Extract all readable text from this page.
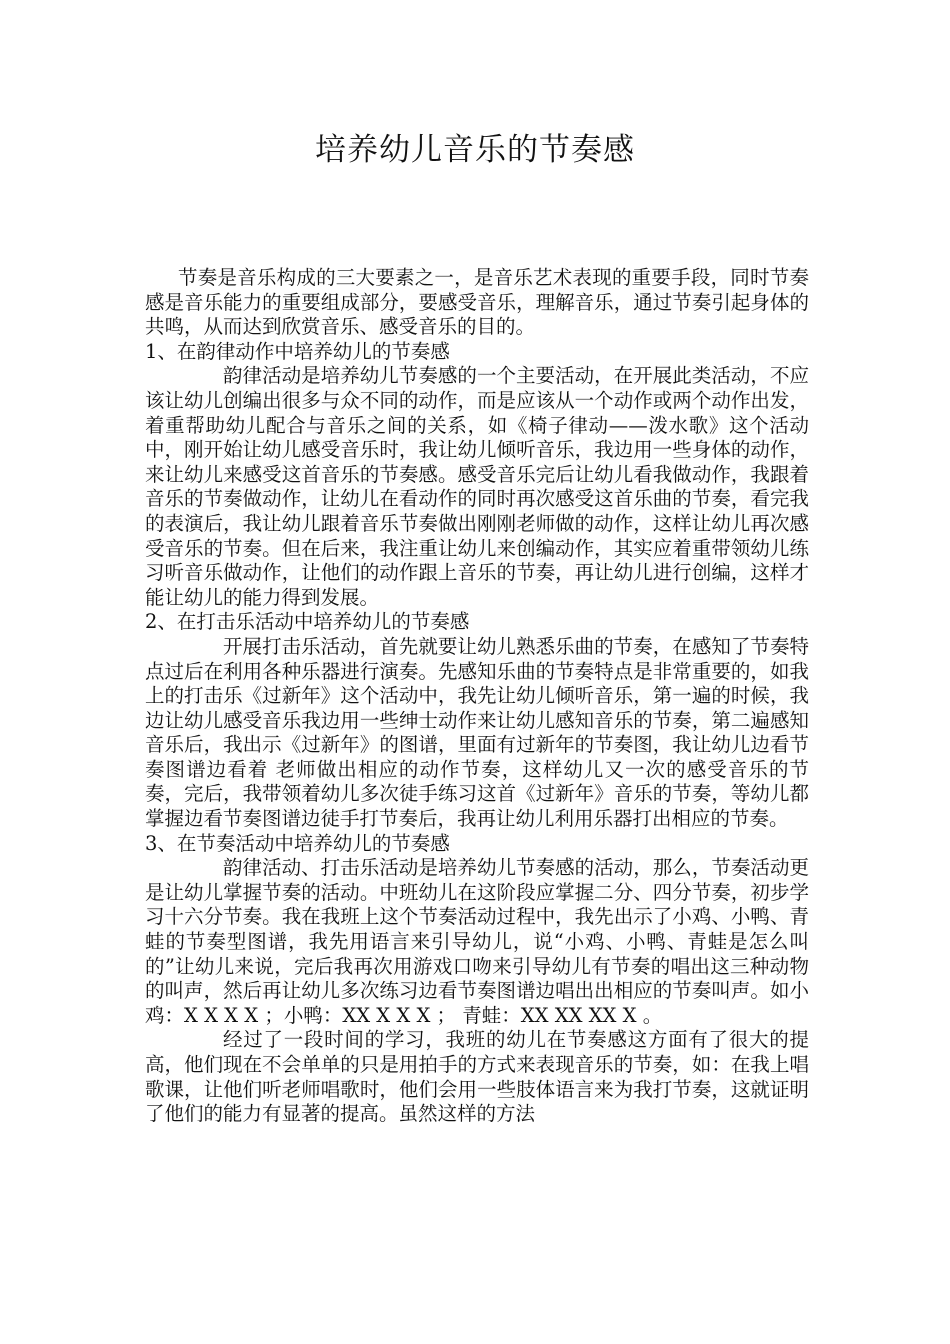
培养幼儿音乐的节奏感

节奏是音乐构成的三大要素之一，是音乐艺术表现的重要手段，同时节奏感是音乐能力的重要组成部分，要感受音乐，理解音乐，通过节奏引起身体的共鸣，从而达到欣赏音乐、感受音乐的目的。

1、在韵律动作中培养幼儿的节奏感

韵律活动是培养幼儿节奏感的一个主要活动，在开展此类活动，不应该让幼儿创编出很多与众不同的动作，而是应该从一个动作或两个动作出发，着重帮助幼儿配合与音乐之间的关系，如《椅子律动——泼水歌》这个活动中，刚开始让幼儿感受音乐时，我让幼儿倾听音乐，我边用一些身体的动作，来让幼儿来感受这首音乐的节奏感。感受音乐完后让幼儿看我做动作，我跟着音乐的节奏做动作，让幼儿在看动作的同时再次感受这首乐曲的节奏，看完我的表演后，我让幼儿跟着音乐节奏做出刚刚老师做的动作，这样让幼儿再次感受音乐的节奏。但在后来，我注重让幼儿来创编动作，其实应着重带领幼儿练习听音乐做动作，让他们的动作跟上音乐的节奏，再让幼儿进行创编，这样才能让幼儿的能力得到发展。

2、在打击乐活动中培养幼儿的节奏感

开展打击乐活动，首先就要让幼儿熟悉乐曲的节奏，在感知了节奏特点过后在利用各种乐器进行演奏。先感知乐曲的节奏特点是非常重要的，如我上的打击乐《过新年》这个活动中，我先让幼儿倾听音乐，第一遍的时候，我边让幼儿感受音乐我边用一些绅士动作来让幼儿感知音乐的节奏，第二遍感知音乐后，我出示《过新年》的图谱，里面有过新年的节奏图，我让幼儿边看节奏图谱边看着 老师做出相应的动作节奏，这样幼儿又一次的感受音乐的节奏，完后，我带领着幼儿多次徒手练习这首《过新年》音乐的节奏，等幼儿都掌握边看节奏图谱边徒手打节奏后，我再让幼儿利用乐器打出相应的节奏。

3、在节奏活动中培养幼儿的节奏感

韵律活动、打击乐活动是培养幼儿节奏感的活动，那么，节奏活动更是让幼儿掌握节奏的活动。中班幼儿在这阶段应掌握二分、四分节奏，初步学习十六分节奏。我在我班上这个节奏活动过程中，我先出示了小鸡、小鸭、青蛙的节奏型图谱，我先用语言来引导幼儿，说“小鸡、小鸭、青蛙是怎么叫的”让幼儿来说，完后我再次用游戏口吻来引导幼儿有节奏的唱出这三种动物的叫声，然后再让幼儿多次练习边看节奏图谱边唱出出相应的节奏叫声。如小鸡：X X X X ；小鸭：XX X X X ； 青蛙：XX XX XX X 。

经过了一段时间的学习，我班的幼儿在节奏感这方面有了很大的提高，他们现在不会单单的只是用拍手的方式来表现音乐的节奏，如：在我上唱歌课，让他们听老师唱歌时，他们会用一些肢体语言来为我打节奏，这就证明了他们的能力有显著的提高。虽然这样的方法
